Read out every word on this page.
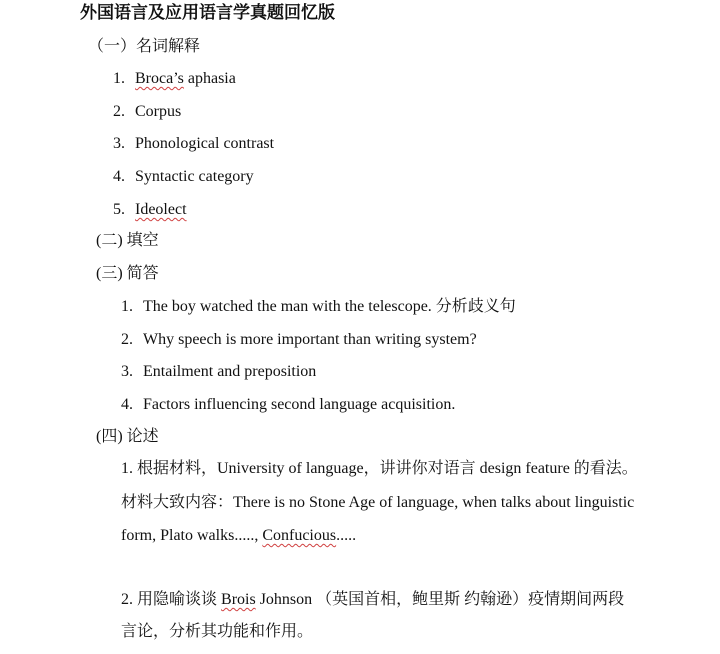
外国语言及应用语言学真题回忆版
（一）名词解释
1. Broca’s aphasia
2. Corpus
3. Phonological contrast
4. Syntactic category
5. Ideolect
(二) 填空
(三) 简答
1. The boy watched the man with the telescope. 分析歧义句
2. Why speech is more important than writing system?
3. Entailment and preposition
4. Factors influencing second language acquisition.
(四) 论述
1. 根据材料，University of language，讲讲你对语言 design feature 的看法。
材料大致内容：There is no Stone Age of language, when talks about linguistic
form, Plato walks....., Confucious.....
2. 用隐喻谈谈 Brois Johnson （英国首相，鲍里斯 约翰逊）疫情期间两段
言论，分析其功能和作用。
